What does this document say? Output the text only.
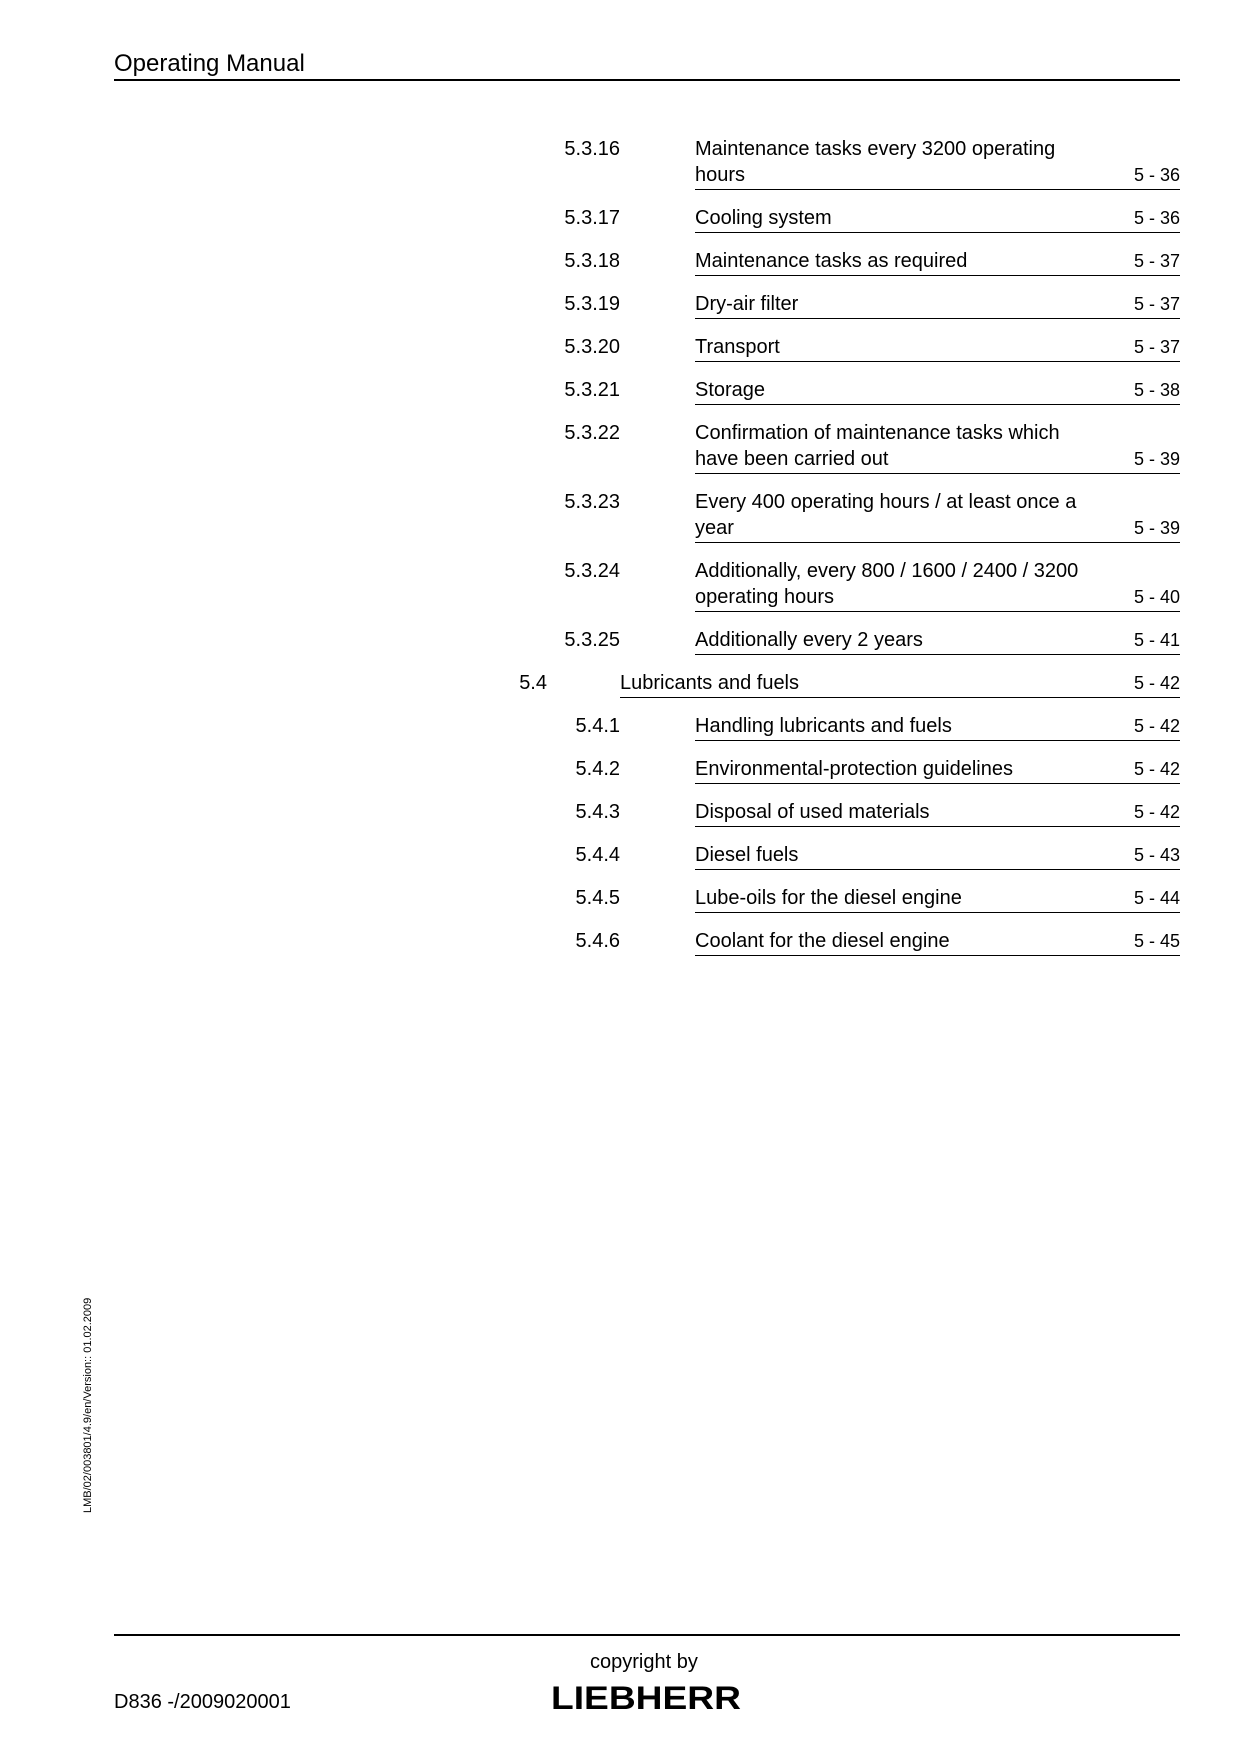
Operating Manual
5.3.16	Maintenance tasks every 3200 operating
hours	5 - 36
5.3.17	Cooling system	5 - 36
5.3.18	Maintenance tasks as required	5 - 37
5.3.19	Dry-air filter	5 - 37
5.3.20	Transport	5 - 37
5.3.21	Storage	5 - 38
5.3.22	Confirmation of maintenance tasks which
have been carried out	5 - 39
5.3.23	Every 400 operating hours / at least once a
year	5 - 39
5.3.24	Additionally, every 800 / 1600 / 2400 / 3200
operating hours	5 - 40
5.3.25	Additionally every 2 years	5 - 41
5.4	Lubricants and fuels	5 - 42
5.4.1	Handling lubricants and fuels	5 - 42
5.4.2	Environmental-protection guidelines	5 - 42
5.4.3	Disposal of used materials	5 - 42
5.4.4	Diesel fuels	5 - 43
5.4.5	Lube-oils for the diesel engine	5 - 44
5.4.6	Coolant for the diesel engine	5 - 45
LMB/02/003801/4.9/en/Version:: 01.02.2009
D836 -/2009020001
copyright by
LIEBHERR
